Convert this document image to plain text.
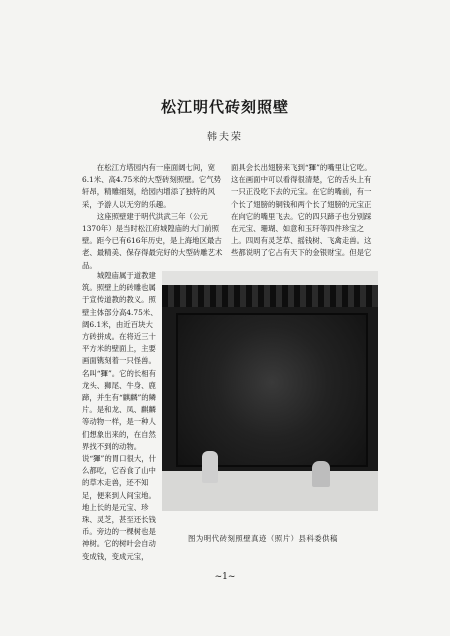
松江明代砖刻照壁
韩夫荣

在松江方塔园内有一座面阔七间，宽6.1米、高4.75米的大型砖刻照壁。它气势轩昂，精雕细刻，给园内增添了独特的风采，予游人以无穷的乐趣。

这座照壁建于明代洪武三年（公元1370年）是当时松江府城隍庙的大门前照壁。距今已有616年历史，是上海地区最古老、最精美、保存得最完好的大型砖雕艺术品。

城隍庙属于道教建筑。照壁上的砖雕也属于宣传道教的教义。照壁主体部分高4.75米、阔6.1米，由近百块大方砖拼成。在将近三十平方米的壁面上，主要画面镌刻着一只怪兽。名叫“𤟤”。它的长相有龙头、狮尾、牛身、鹿蹄，并生有“麒麟”的鳞片。是和龙、凤、麒麟等动物一样，是一种人们想象出来的，在自然界找不到的动物。说“𤟤”的胃口很大，什么都吃，它吞食了山中的草木走兽，还不知足，便来到人间宝地。地上长的是元宝、珍珠、灵芝，甚至还长钱币。旁边的一棵树也是神树。它的树叶会自动变成钱，变成元宝，

面具会长出翅膀来飞到“𤟤”的嘴里让它吃。这在画面中可以看得很清楚，它的舌头上有一只正没吃下去的元宝。在它的嘴前，有一个长了翅膀的铜钱和两个长了翅膀的元宝正在向它的嘴里飞去。它的四只蹄子也分别踩在元宝、珊瑚、如意和玉玕等四件珍宝之上。四周有灵芝草、摇钱树、飞禽走兽。这些都说明了它占有天下的金银财宝。但是它

图为明代砖刻照壁真迹（照片）县科委供稿
~1~
